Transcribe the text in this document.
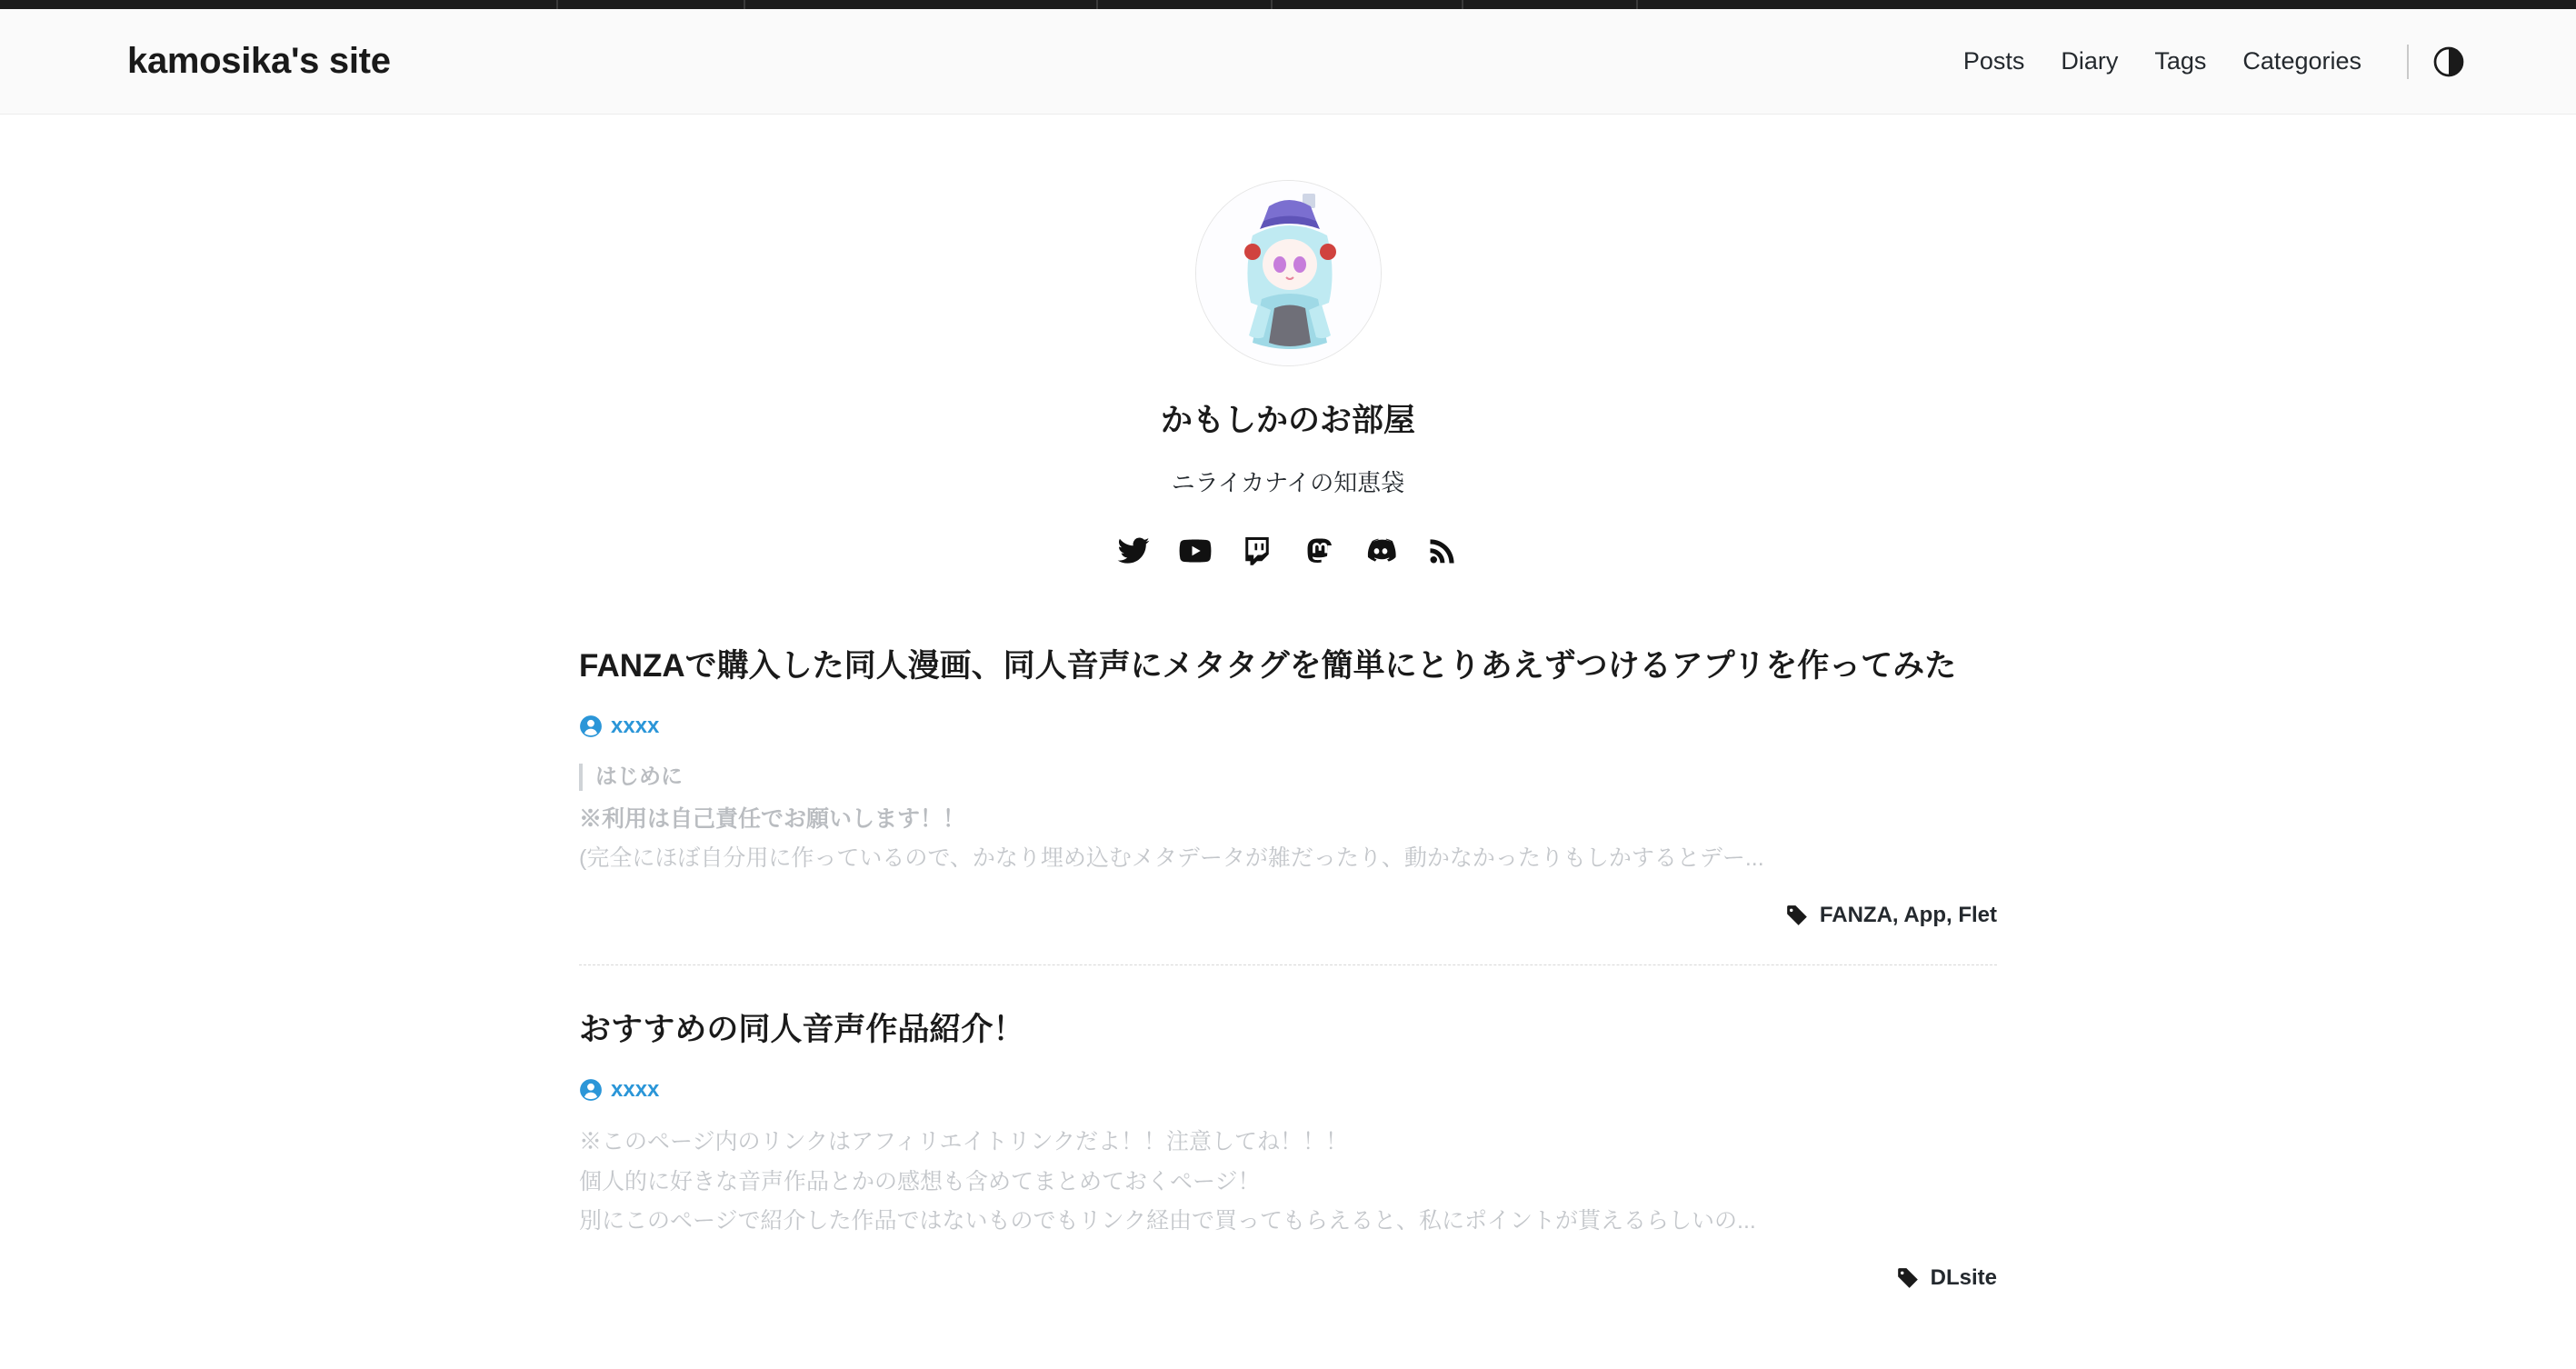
kamosika's site	Posts	Diary	Tags	Categories
かもしかのお部屋
ニライカナイの知恵袋
FANZAで購入した同人漫画、同人音声にメタタグを簡単にとりあえずつけるアプリを作ってみた
xxxx
はじめに
※利用は自己責任でお願いします！！
(完全にほぼ自分用に作っているので、かなり埋め込むメタデータが雑だったり、動かなかったりもしかするとデー...
FANZA, App, Flet
おすすめの同人音声作品紹介！
xxxx
※このページ内のリンクはアフィリエイトリンクだよ！！注意してね！！！
個人的に好きな音声作品とかの感想も含めてまとめておくページ！
別にこのページで紹介した作品ではないものでもリンク経由で買ってもらえると、私にポイントが貰えるらしいの...
DLsite
